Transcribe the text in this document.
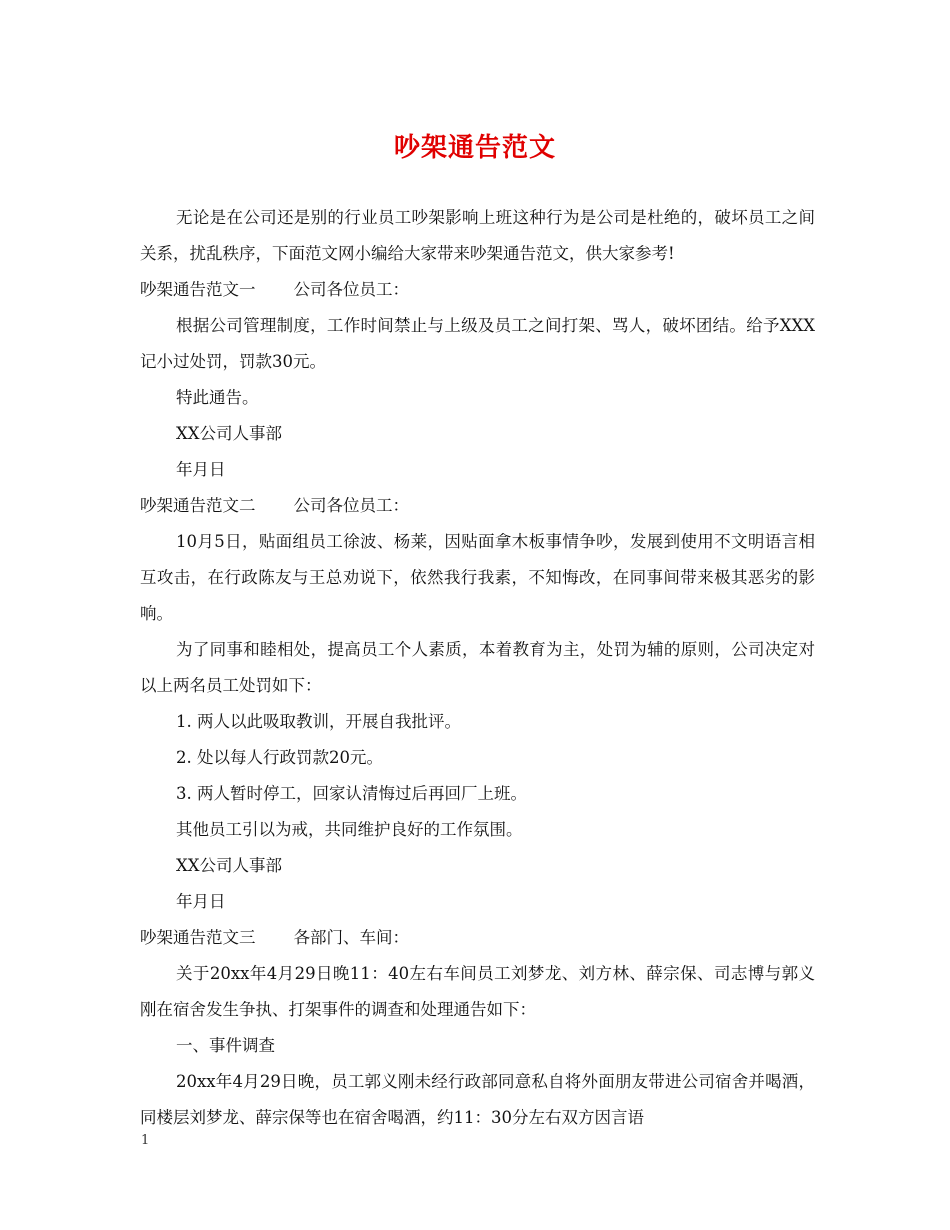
吵架通告范文

无论是在公司还是别的行业员工吵架影响上班这种行为是公司是杜绝的，破坏员工之间关系，扰乱秩序，下面范文网小编给大家带来吵架通告范文，供大家参考!

吵架通告范文一 公司各位员工：

根据公司管理制度，工作时间禁止与上级及员工之间打架、骂人，破坏团结。给予XXX记小过处罚，罚款30元。

特此通告。

XX公司人事部

年月日

吵架通告范文二 公司各位员工：

10月5日，贴面组员工徐波、杨莱，因贴面拿木板事情争吵，发展到使用不文明语言相互攻击，在行政陈友与王总劝说下，依然我行我素，不知悔改，在同事间带来极其恶劣的影响。

为了同事和睦相处，提高员工个人素质，本着教育为主，处罚为辅的原则，公司决定对以上两名员工处罚如下：

1. 两人以此吸取教训，开展自我批评。

2. 处以每人行政罚款20元。

3. 两人暂时停工，回家认清悔过后再回厂上班。

其他员工引以为戒，共同维护良好的工作氛围。

XX公司人事部

年月日

吵架通告范文三 各部门、车间：

关于20xx年4月29日晚11：40左右车间员工刘梦龙、刘方林、薛宗保、司志博与郭义刚在宿舍发生争执、打架事件的调查和处理通告如下：

一、事件调查

20xx年4月29日晚，员工郭义刚未经行政部同意私自将外面朋友带进公司宿舍并喝酒，同楼层刘梦龙、薛宗保等也在宿舍喝酒，约11：30分左右双方因言语

1
